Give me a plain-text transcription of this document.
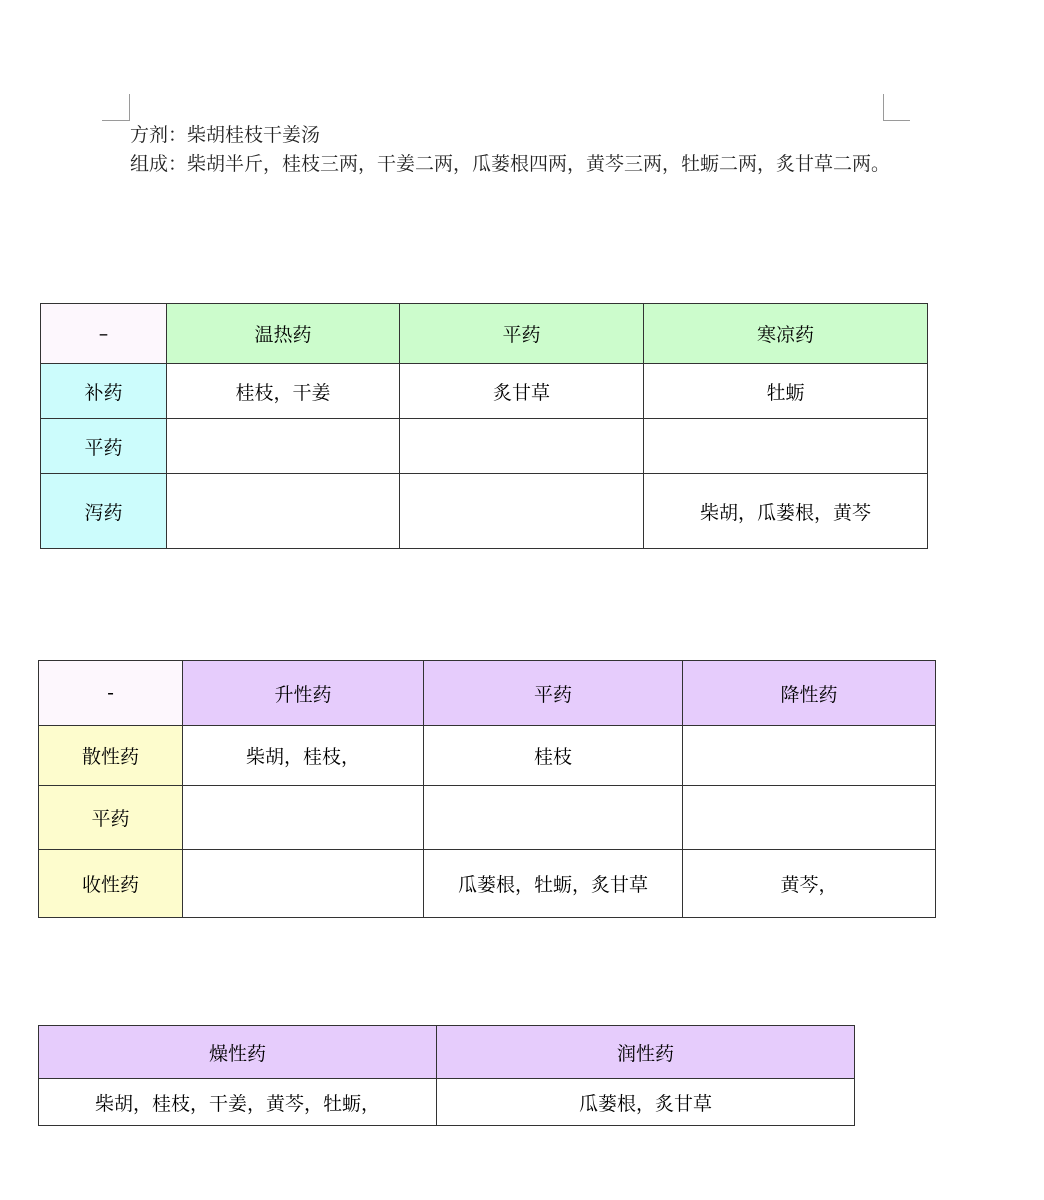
方剂：柴胡桂枝干姜汤

组成：柴胡半斤，桂枝三两，干姜二两，瓜蒌根四两，黄芩三两，牡蛎二两，炙甘草二两。

–	温热药	平药	寒凉药
补药	桂枝，干姜	炙甘草	牡蛎
平药			
泻药			柴胡，瓜蒌根，黄芩
-	升性药	平药	降性药
散性药	柴胡，桂枝，	桂枝	
平药			
收性药		瓜蒌根，牡蛎，炙甘草	黄芩，
燥性药	润性药
柴胡，桂枝，干姜，黄芩，牡蛎，	瓜蒌根，炙甘草
